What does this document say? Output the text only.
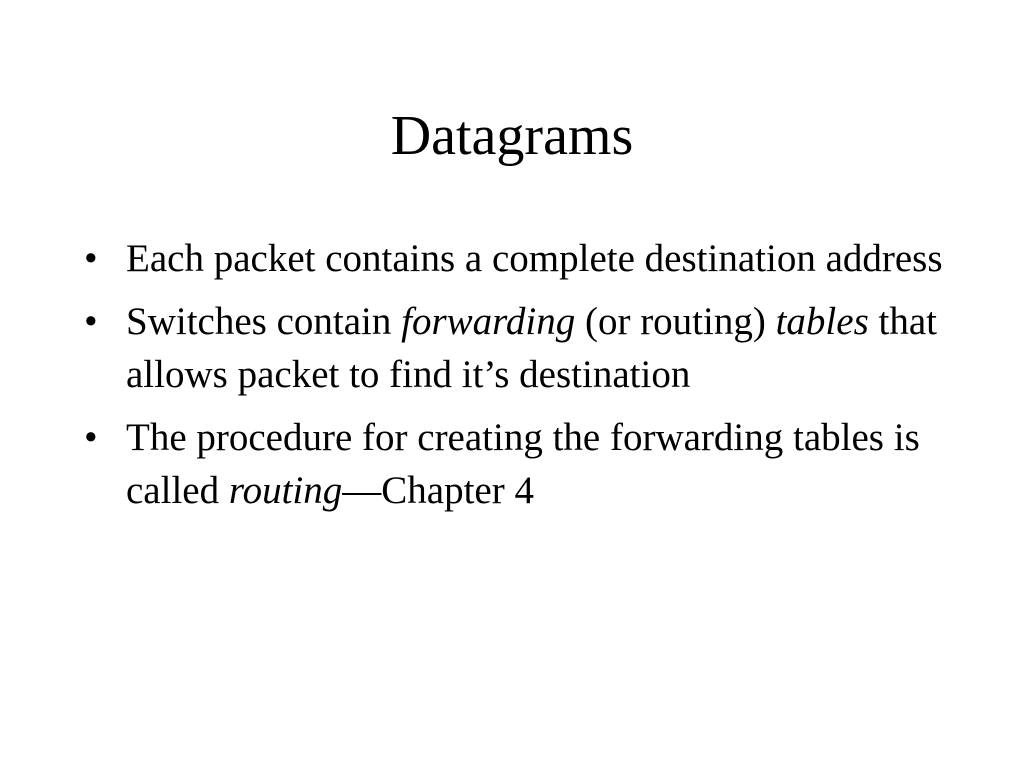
Datagrams
• Each packet contains a complete destination address
• Switches contain forwarding (or routing) tables that allows packet to find it’s destination
• The procedure for creating the forwarding tables is called routing—Chapter 4
